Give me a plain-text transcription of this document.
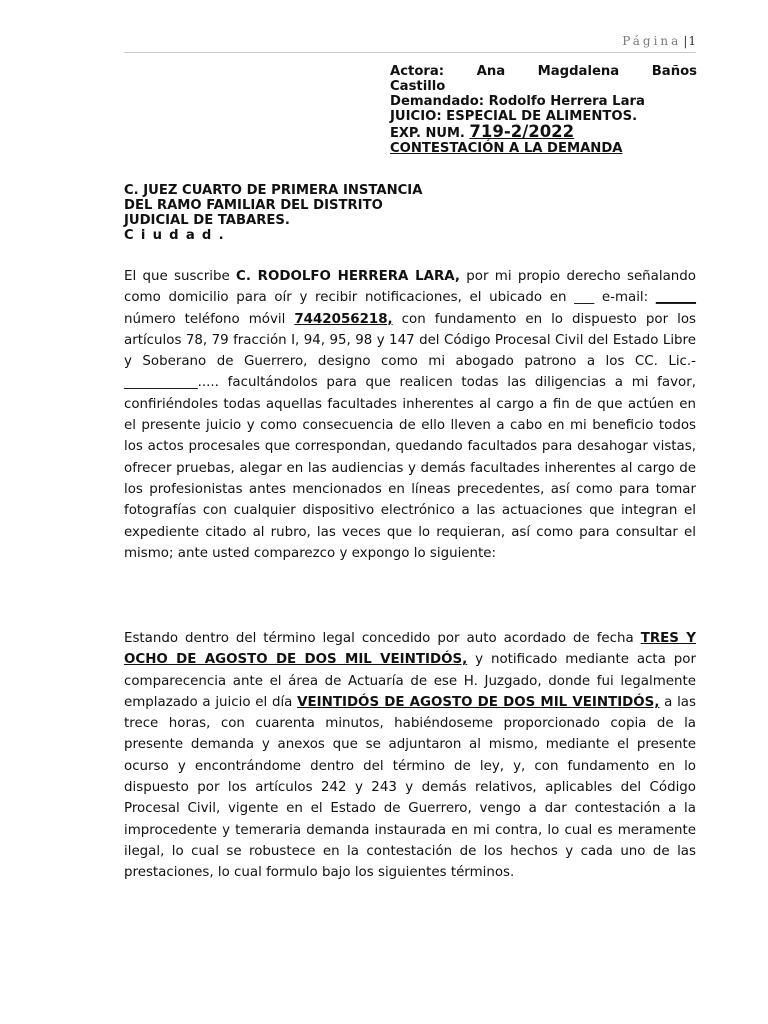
Página |1
Actora: Ana Magdalena Baños
Castillo
Demandado: Rodolfo Herrera Lara
JUICIO: ESPECIAL DE ALIMENTOS.
EXP. NUM. 719-2/2022
CONTESTACIÓN A LA DEMANDA
C. JUEZ CUARTO DE PRIMERA INSTANCIA
DEL RAMO FAMILIAR DEL DISTRITO
JUDICIAL DE TABARES.
Ciudad.
El que suscribe C. RODOLFO HERRERA LARA, por mi propio derecho señalando como domicilio para oír y recibir notificaciones, el ubicado en ___ e-mail: ______ número teléfono móvil 7442056218, con fundamento en lo dispuesto por los artículos 78, 79 fracción I, 94, 95, 98 y 147 del Código Procesal Civil del Estado Libre y Soberano de Guerrero, designo como mi abogado patrono a los CC. Lic.- ___________..... facultándolos para que realicen todas las diligencias a mi favor, confiriéndoles todas aquellas facultades inherentes al cargo a fin de que actúen en el presente juicio y como consecuencia de ello lleven a cabo en mi beneficio todos los actos procesales que correspondan, quedando facultados para desahogar vistas, ofrecer pruebas, alegar en las audiencias y demás facultades inherentes al cargo de los profesionistas antes mencionados en líneas precedentes, así como para tomar fotografías con cualquier dispositivo electrónico a las actuaciones que integran el expediente citado al rubro, las veces que lo requieran, así como para consultar el mismo; ante usted comparezco y expongo lo siguiente:
Estando dentro del término legal concedido por auto acordado de fecha TRES Y OCHO DE AGOSTO DE DOS MIL VEINTIDÓS, y notificado mediante acta por comparecencia ante el área de Actuaría de ese H. Juzgado, donde fui legalmente emplazado a juicio el día VEINTIDÓS DE AGOSTO DE DOS MIL VEINTIDÓS, a las trece horas, con cuarenta minutos, habiéndoseme proporcionado copia de la presente demanda y anexos que se adjuntaron al mismo, mediante el presente ocurso y encontrándome dentro del término de ley, y, con fundamento en lo dispuesto por los artículos 242 y 243 y demás relativos, aplicables del Código Procesal Civil, vigente en el Estado de Guerrero, vengo a dar contestación a la improcedente y temeraria demanda instaurada en mi contra, lo cual es meramente ilegal, lo cual se robustece en la contestación de los hechos y cada uno de las prestaciones, lo cual formulo bajo los siguientes términos.
